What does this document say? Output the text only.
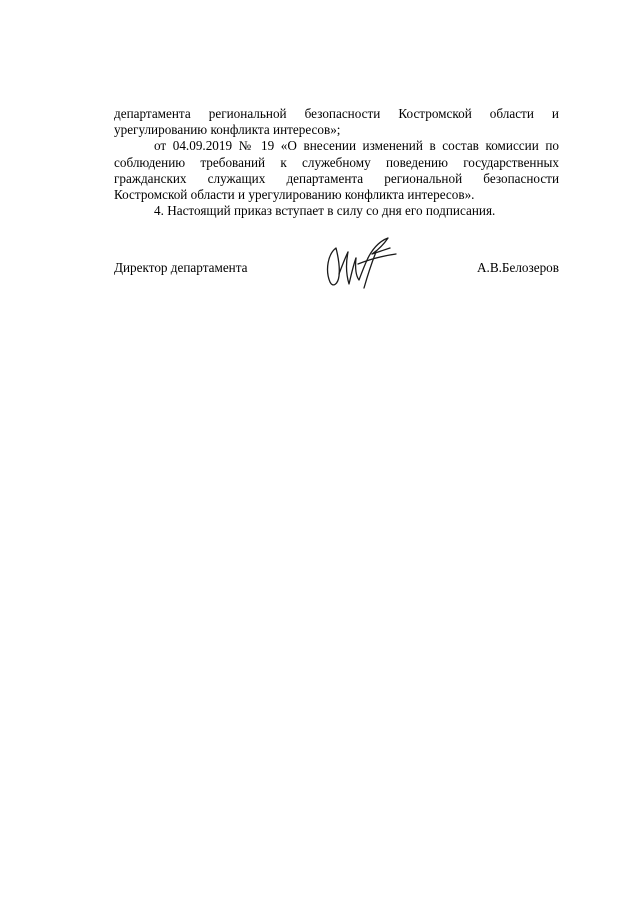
департамента региональной безопасности Костромской области и урегулированию конфликта интересов»;

от 04.09.2019 № 19 «О внесении изменений в состав комиссии по соблюдению требований к служебному поведению государственных гражданских служащих департамента региональной безопасности Костромской области и урегулированию конфликта интересов».

4. Настоящий приказ вступает в силу со дня его подписания.

Директор департамента	А.В.Белозеров
